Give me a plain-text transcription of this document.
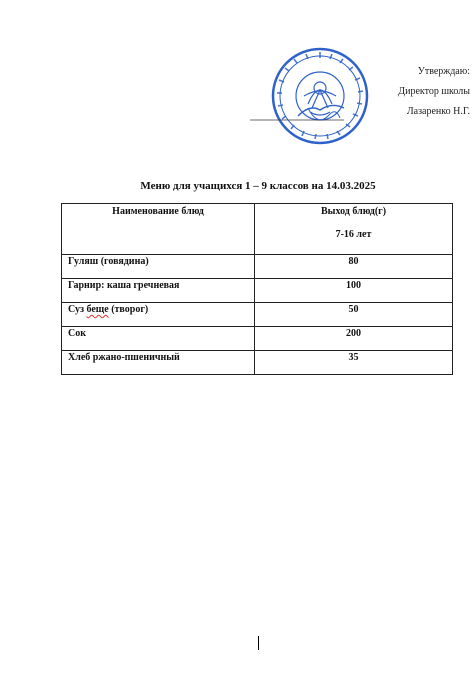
Утверждаю:
Директор школы
Лазаренко Н.Г.
Меню для учащихся 1 – 9 классов на 14.03.2025
Наименование блюд	Выход блюд(г)
7-16 лет

Гуляш (говядина)	80
Гарнир: каша гречневая	100
Суз беще (творог)	50
Сок	200
Хлеб ржано-пшеничный	35
